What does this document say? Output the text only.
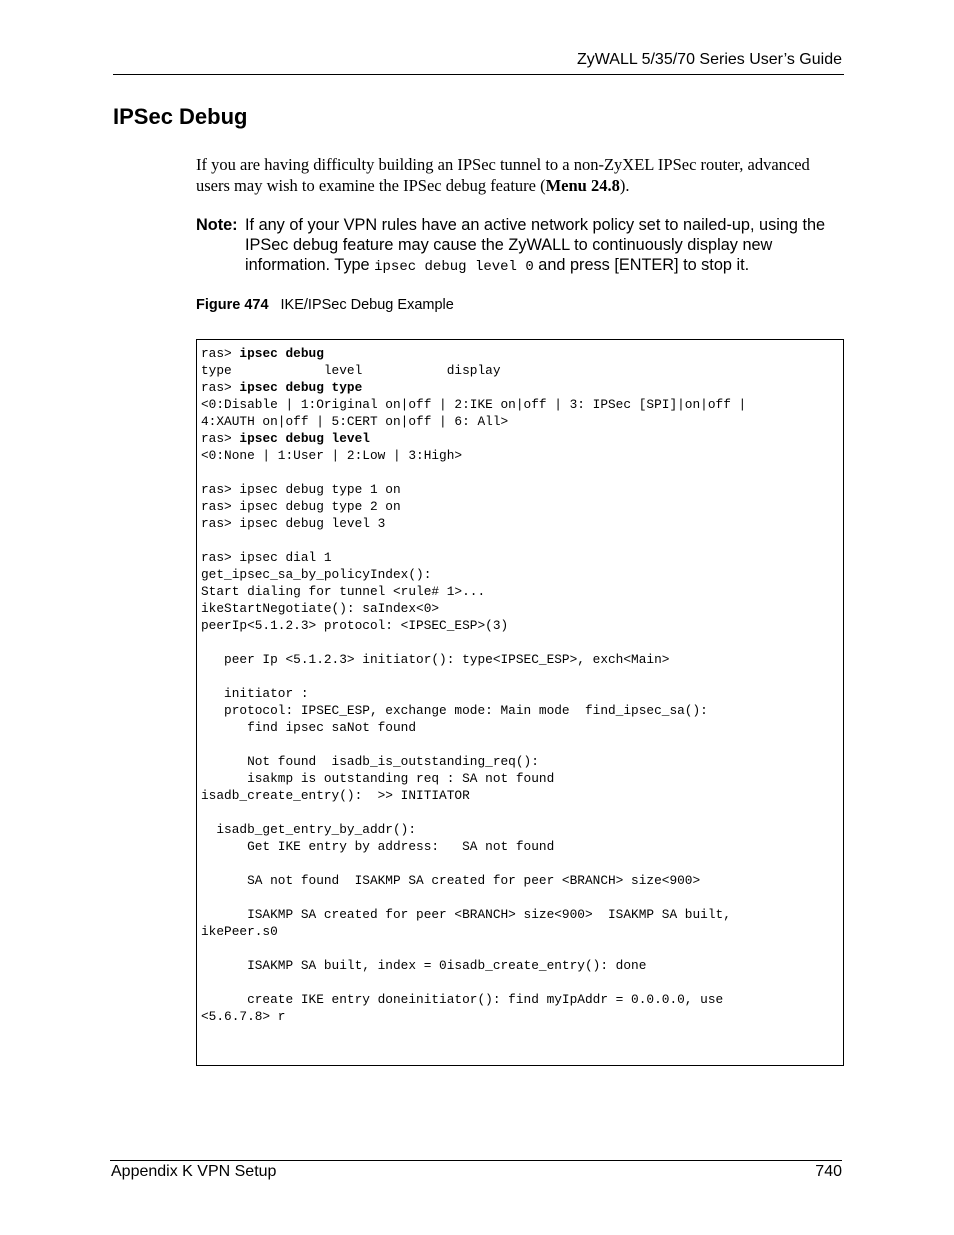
ZyWALL 5/35/70 Series User’s Guide
IPSec Debug

If you are having difficulty building an IPSec tunnel to a non-ZyXEL IPSec router, advanced users may wish to examine the IPSec debug feature (Menu 24.8).

Note: If any of your VPN rules have an active network policy set to nailed-up, using the IPSec debug feature may cause the ZyWALL to continuously display new information. Type ipsec debug level 0 and press [ENTER] to stop it.
Figure 474 IKE/IPSec Debug Example
ras> ipsec debug
type            level           display
ras> ipsec debug type
<0:Disable | 1:Original on|off | 2:IKE on|off | 3: IPSec [SPI]|on|off |
4:XAUTH on|off | 5:CERT on|off | 6: All>
ras> ipsec debug level
<0:None | 1:User | 2:Low | 3:High>
ras> ipsec debug type 1 on
ras> ipsec debug type 2 on
ras> ipsec debug level 3
ras> ipsec dial 1
get_ipsec_sa_by_policyIndex():
Start dialing for tunnel <rule# 1>...
ikeStartNegotiate(): saIndex<0>
peerIp<5.1.2.3> protocol: <IPSEC_ESP>(3)
peer Ip <5.1.2.3> initiator(): type<IPSEC_ESP>, exch<Main>
initiator :
protocol: IPSEC_ESP, exchange mode: Main mode  find_ipsec_sa():
find ipsec saNot found
Not found  isadb_is_outstanding_req():
isakmp is outstanding req : SA not found
isadb_create_entry():  >> INITIATOR
isadb_get_entry_by_addr():
Get IKE entry by address:   SA not found
SA not found  ISAKMP SA created for peer <BRANCH> size<900>
ISAKMP SA created for peer <BRANCH> size<900>  ISAKMP SA built,
ikePeer.s0
ISAKMP SA built, index = 0isadb_create_entry(): done
create IKE entry doneinitiator(): find myIpAddr = 0.0.0.0, use
<5.6.7.8> r
Appendix K VPN Setup	740
